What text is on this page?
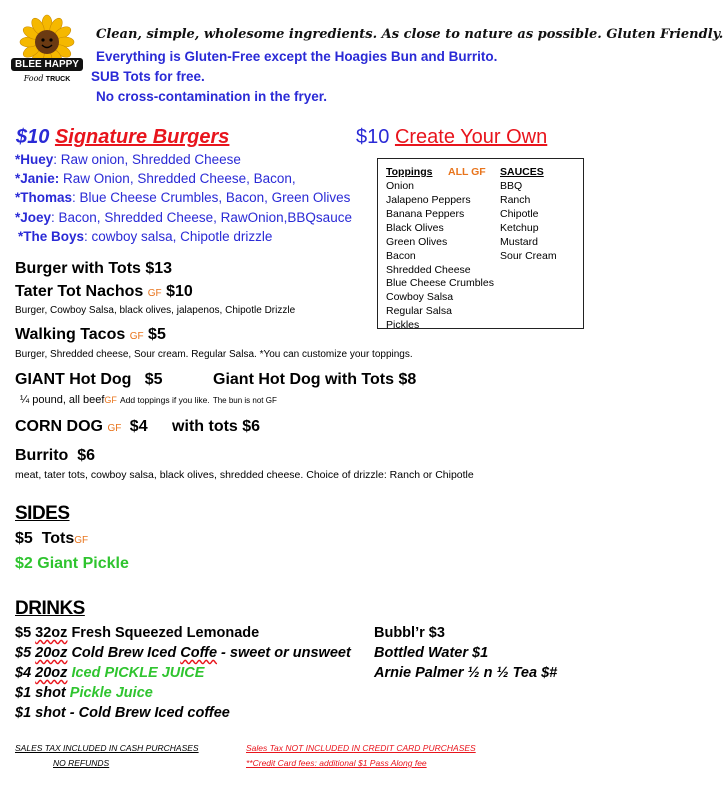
BLEE HAPPY
Food TRUCK
Clean, simple, wholesome ingredients. As close to nature as possible. Gluten Friendly.
Everything is Gluten-Free except the Hoagies Bun and Burrito.
SUB Tots for free.
No cross-contamination in the fryer.
$10 Signature Burgers
*Huey: Raw onion, Shredded Cheese
*Janie: Raw Onion, Shredded Cheese, Bacon,
*Thomas: Blue Cheese Crumbles, Bacon, Green Olives
*Joey: Bacon, Shredded Cheese, RawOnion,BBQsauce
*The Boys: cowboy salsa, Chipotle drizzle
$10 Create Your Own
Toppings ALL GF SAUCES
Onion
Jalapeno Peppers
Banana Peppers
Black Olives
Green Olives
Bacon
Shredded Cheese
Blue Cheese Crumbles
Cowboy Salsa
Regular Salsa
Pickles
BBQ
Ranch
Chipotle
Ketchup
Mustard
Sour Cream
Burger with Tots $13
Tater Tot Nachos GF $10
Burger, Cowboy Salsa, black olives, jalapenos, Chipotle Drizzle
Walking Tacos GF $5
Burger, Shredded cheese, Sour cream. Regular Salsa. *You can customize your toppings.
GIANT Hot Dog   $5	Giant Hot Dog with Tots $8
¼ pound, all beefGF Add toppings if you like. The bun is not GF
CORN DOG GF $4 with tots $6
Burrito  $6
meat, tater tots, cowboy salsa, black olives, shredded cheese. Choice of drizzle: Ranch or Chipotle
SIDES
$5  TotsGF
$2 Giant Pickle
DRINKS
$5 32oz Fresh Squeezed Lemonade
$5 20oz Cold Brew Iced Coffe - sweet or unsweet
$4 20oz Iced PICKLE JUICE
$1 shot Pickle Juice
$1 shot - Cold Brew Iced coffee
Bubbl’r $3
Bottled Water $1
Arnie Palmer ½ n ½ Tea $#
SALES TAX INCLUDED IN CASH PURCHASES
NO REFUNDS
Sales Tax NOT INCLUDED IN CREDIT CARD PURCHASES
**Credit Card fees: additional $1 Pass Along fee
